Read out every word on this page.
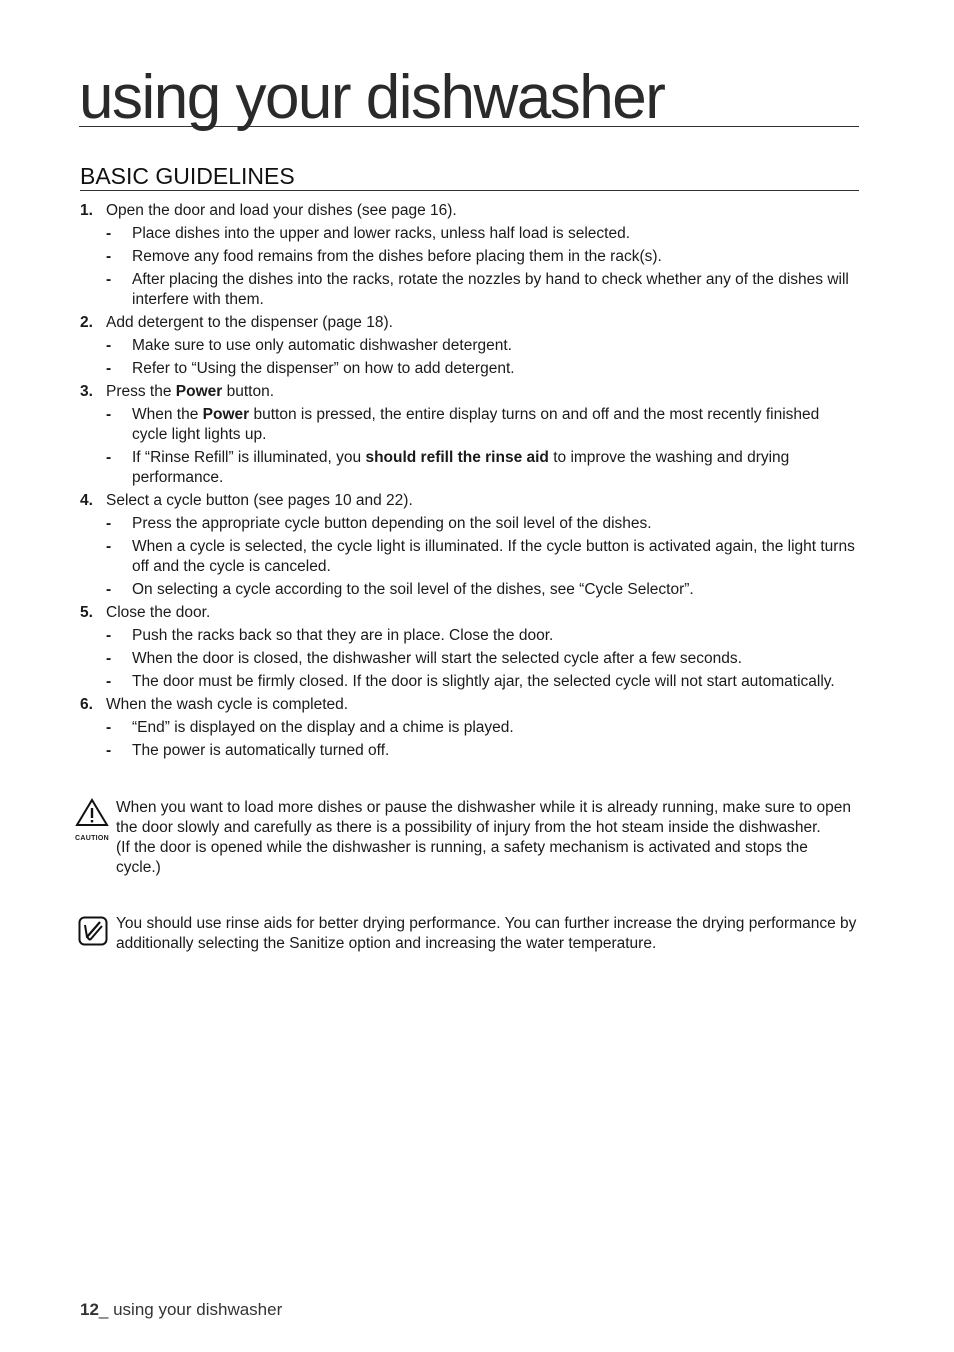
using your dishwasher
BASIC GUIDELINES
1. Open the door and load your dishes (see page 16).
- Place dishes into the upper and lower racks, unless half load is selected.
- Remove any food remains from the dishes before placing them in the rack(s).
- After placing the dishes into the racks, rotate the nozzles by hand to check whether any of the dishes will interfere with them.
2. Add detergent to the dispenser (page 18).
- Make sure to use only automatic dishwasher detergent.
- Refer to “Using the dispenser” on how to add detergent.
3. Press the Power button.
- When the Power button is pressed, the entire display turns on and off and the most recently finished cycle light lights up.
- If “Rinse Refill” is illuminated, you should refill the rinse aid to improve the washing and drying performance.
4. Select a cycle button (see pages 10 and 22).
- Press the appropriate cycle button depending on the soil level of the dishes.
- When a cycle is selected, the cycle light is illuminated. If the cycle button is activated again, the light turns off and the cycle is canceled.
- On selecting a cycle according to the soil level of the dishes, see “Cycle Selector”.
5. Close the door.
- Push the racks back so that they are in place. Close the door.
- When the door is closed, the dishwasher will start the selected cycle after a few seconds.
- The door must be firmly closed. If the door is slightly ajar, the selected cycle will not start automatically.
6. When the wash cycle is completed.
- “End” is displayed on the display and a chime is played.
- The power is automatically turned off.
CAUTION
When you want to load more dishes or pause the dishwasher while it is already running, make sure to open the door slowly and carefully as there is a possibility of injury from the hot steam inside the dishwasher.
(If the door is opened while the dishwasher is running, a safety mechanism is activated and stops the cycle.)
You should use rinse aids for better drying performance. You can further increase the drying performance by additionally selecting the Sanitize option and increasing the water temperature.
12_ using your dishwasher
